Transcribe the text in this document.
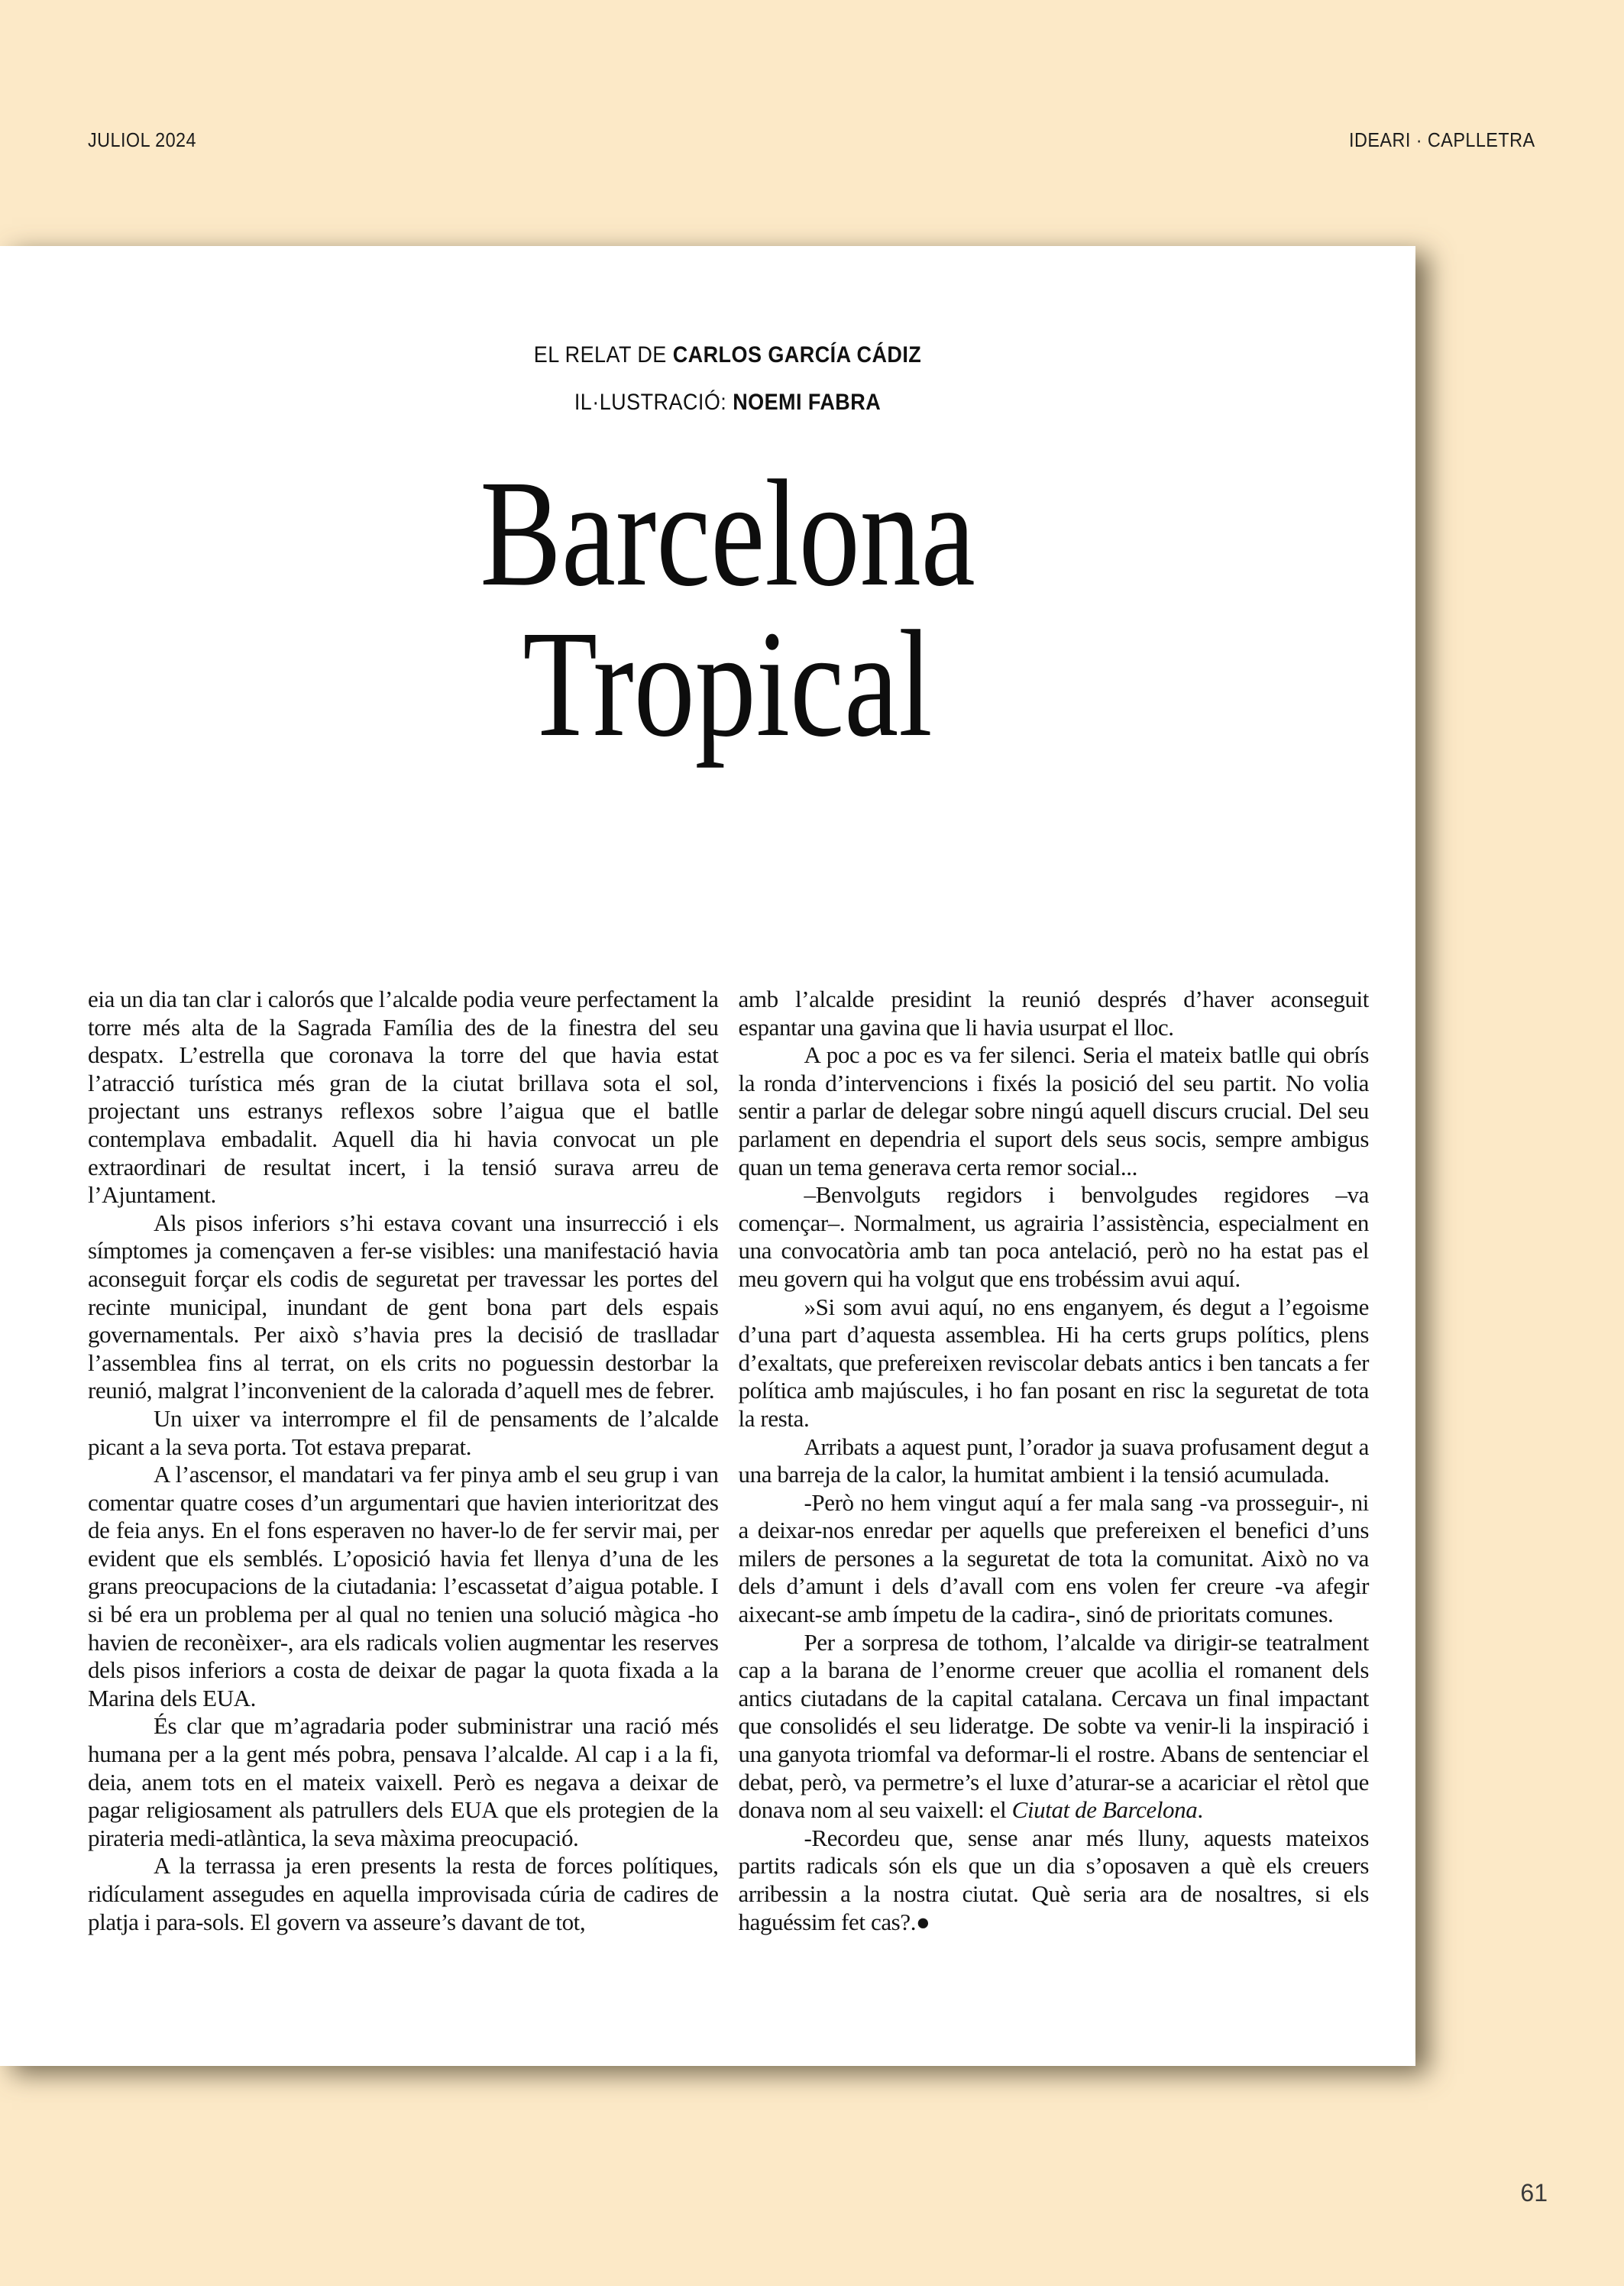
JULIOL 2024	IDEARI · CAPLLETRA
EL RELAT DE CARLOS GARCÍA CÁDIZ
IL·LUSTRACIÓ: NOEMI FABRA
Barcelona
Tropical

eia un dia tan clar i calorós que l’alcalde podia veure perfectament la torre més alta de la Sagrada Família des de la finestra del seu despatx. L’estrella que coronava la torre del que havia estat l’atracció turística més gran de la ciutat brillava sota el sol, projectant uns estranys reflexos sobre l’aigua que el batlle contemplava embadalit. Aquell dia hi havia convocat un ple extraordinari de resultat incert, i la tensió surava arreu de l’Ajuntament.

Als pisos inferiors s’hi estava covant una insurrecció i els símptomes ja començaven a fer-se visibles: una manifestació havia aconseguit forçar els codis de seguretat per travessar les portes del recinte municipal, inundant de gent bona part dels espais governamentals. Per això s’havia pres la decisió de traslladar l’assemblea fins al terrat, on els crits no poguessin destorbar la reunió, malgrat l’inconvenient de la calorada d’aquell mes de febrer.

Un uixer va interrompre el fil de pensaments de l’alcalde picant a la seva porta. Tot estava preparat.

A l’ascensor, el mandatari va fer pinya amb el seu grup i van comentar quatre coses d’un argumentari que havien interioritzat des de feia anys. En el fons esperaven no haver-lo de fer servir mai, per evident que els semblés. L’oposició havia fet llenya d’una de les grans preocupacions de la ciutadania: l’escassetat d’aigua potable. I si bé era un problema per al qual no tenien una solució màgica -ho havien de reconèixer-, ara els radicals volien augmentar les reserves dels pisos inferiors a costa de deixar de pagar la quota fixada a la Marina dels EUA.

És clar que m’agradaria poder subministrar una ració més humana per a la gent més pobra, pensava l’alcalde. Al cap i a la fi, deia, anem tots en el mateix vaixell. Però es negava a deixar de pagar religiosament als patrullers dels EUA que els protegien de la pirateria medi-atlàntica, la seva màxima preocupació.

A la terrassa ja eren presents la resta de forces polítiques, ridículament assegudes en aquella improvisada cúria de cadires de platja i para-sols. El govern va asseure’s davant de tot,

amb l’alcalde presidint la reunió després d’haver aconseguit espantar una gavina que li havia usurpat el lloc.

A poc a poc es va fer silenci. Seria el mateix batlle qui obrís la ronda d’intervencions i fixés la posició del seu partit. No volia sentir a parlar de delegar sobre ningú aquell discurs crucial. Del seu parlament en dependria el suport dels seus socis, sempre ambigus quan un tema generava certa remor social...

–Benvolguts regidors i benvolgudes regidores –va començar–. Normalment, us agrairia l’assistència, especialment en una convocatòria amb tan poca antelació, però no ha estat pas el meu govern qui ha volgut que ens trobéssim avui aquí.

»Si som avui aquí, no ens enganyem, és degut a l’egoisme d’una part d’aquesta assemblea. Hi ha certs grups polítics, plens d’exaltats, que prefereixen reviscolar debats antics i ben tancats a fer política amb majúscules, i ho fan posant en risc la seguretat de tota la resta.

Arribats a aquest punt, l’orador ja suava profusament degut a una barreja de la calor, la humitat ambient i la tensió acumulada.

-Però no hem vingut aquí a fer mala sang -va prosseguir-, ni a deixar-nos enredar per aquells que prefereixen el benefici d’uns milers de persones a la seguretat de tota la comunitat. Això no va dels d’amunt i dels d’avall com ens volen fer creure -va afegir aixecant-se amb ímpetu de la cadira-, sinó de prioritats comunes.

Per a sorpresa de tothom, l’alcalde va dirigir-se teatralment cap a la barana de l’enorme creuer que acollia el romanent dels antics ciutadans de la capital catalana. Cercava un final impactant que consolidés el seu lideratge. De sobte va venir-li la inspiració i una ganyota triomfal va deformar-li el rostre. Abans de sentenciar el debat, però, va permetre’s el luxe d’aturar-se a acariciar el rètol que donava nom al seu vaixell: el Ciutat de Barcelona.

-Recordeu que, sense anar més lluny, aquests mateixos partits radicals són els que un dia s’oposaven a què els creuers arribessin a la nostra ciutat. Què seria ara de nosaltres, si els haguéssim fet cas?.●

61
